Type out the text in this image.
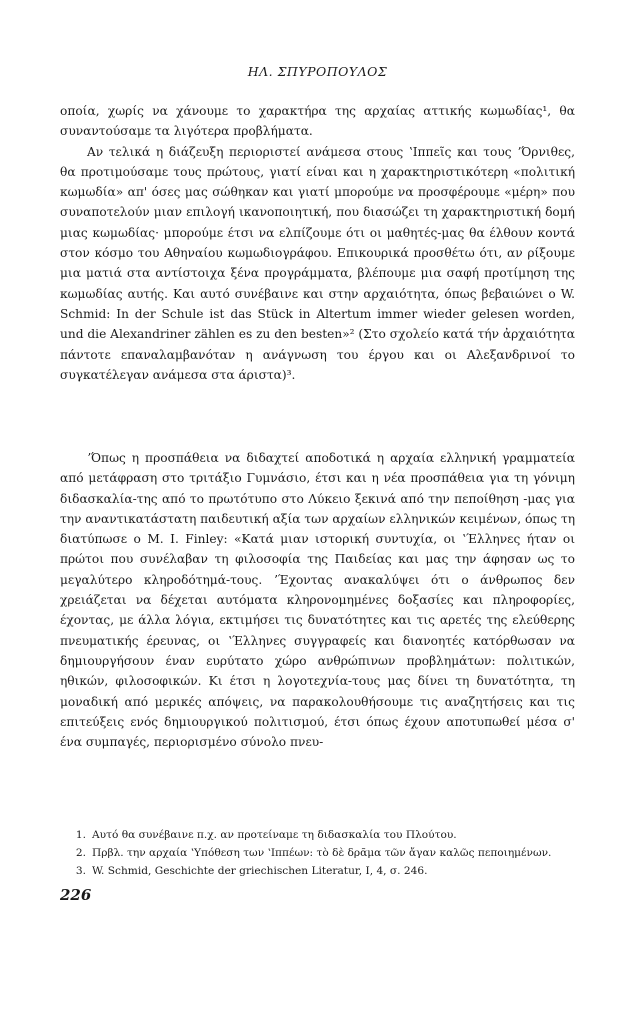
ΗΛ. ΣΠΥΡΟΠΟΥΛΟΣ

οποία, χωρίς να χάνουμε το χαρακτήρα της αρχαίας αττικής κωμωδίας¹, θα συναντούσαμε τα λιγότερα προβλήματα.
Αν τελικά η διάζευξη περιοριστεί ανάμεσα στους ʽΙππεῖς και τους ʼΌρνιθες, θα προτιμούσαμε τους πρώτους, γιατί είναι και η χαρακτηριστικότερη «πολιτική κωμωδία» απ' όσες μας σώθηκαν και γιατί μπορούμε να προσφέρουμε «μέρη» που συναποτελούν μιαν επιλογή ικανοποιητική, που διασώζει τη χαρακτηριστική δομή μιας κωμωδίας· μπορούμε έτσι να ελπίζουμε ότι οι μαθητές-μας θα έλθουν κοντά στον κόσμο του Αθηναίου κωμωδιογράφου. Επικουρικά προσθέτω ότι, αν ρίξουμε μια ματιά στα αντίστοιχα ξένα προγράμματα, βλέπουμε μια σαφή προτίμηση της κωμωδίας αυτής. Και αυτό συνέβαινε και στην αρχαιότητα, όπως βεβαιώνει ο W. Schmid: In der Schule ist das Stück in Altertum immer wieder gelesen worden, und die Alexandriner zählen es zu den besten»² (Στο σχολείο κατά τήν ἀρχαιότητα πάντοτε επαναλαμβανόταν η ανάγνωση του έργου και οι Αλεξανδρινοί το συγκατέλεγαν ανάμεσα στα άριστα)³.

ʼΌπως η προσπάθεια να διδαχτεί αποδοτικά η αρχαία ελληνική γραμματεία από μετάφραση στο τριτάξιο Γυμνάσιο, έτσι και η νέα προσπάθεια για τη γόνιμη διδασκαλία-της από το πρωτότυπο στο Λύκειο ξεκινά από την πεποίθηση -μας για την αναντικατάστατη παιδευτική αξία των αρχαίων ελληνικών κειμένων, όπως τη διατύπωσε ο M. I. Finley: «Κατά μιαν ιστορική συντυχία, οι ʽΈλληνες ήταν οι πρώτοι που συνέλαβαν τη φιλοσοφία της Παιδείας και μας την άφησαν ως το μεγαλύτερο κληροδότημά-τους. ʼΈχοντας ανακαλύψει ότι ο άνθρωπος δεν χρειάζεται να δέχεται αυτόματα κληρονομημένες δοξασίες και πληροφορίες, έχοντας, με άλλα λόγια, εκτιμήσει τις δυνατότητες και τις αρετές της ελεύθερης πνευματικής έρευνας, οι ʽΈλληνες συγγραφείς και διανοητές κατόρθωσαν να δημιουργήσουν έναν ευρύτατο χώρο ανθρώπινων προβλημάτων: πολιτικών, ηθικών, φιλοσοφικών. Κι έτσι η λογοτεχνία-τους μας δίνει τη δυνατότητα, τη μοναδική από μερικές απόψεις, να παρακολουθήσουμε τις αναζητήσεις και τις επιτεύξεις ενός δημιουργικού πολιτισμού, έτσι όπως έχουν αποτυπωθεί μέσα σ' ένα συμπαγές, περιορισμένο σύνολο πνευ-

1. Αυτό θα συνέβαινε π.χ. αν προτείναμε τη διδασκαλία του Πλούτου.

2. Πρβλ. την αρχαία ʽΥπόθεση των ʽΙππέων: τὸ δὲ δρᾶμα τῶν ἄγαν καλῶς πεποιημένων.

3. W. Schmid, Geschichte der griechischen Literatur, I, 4, σ. 246.

226
